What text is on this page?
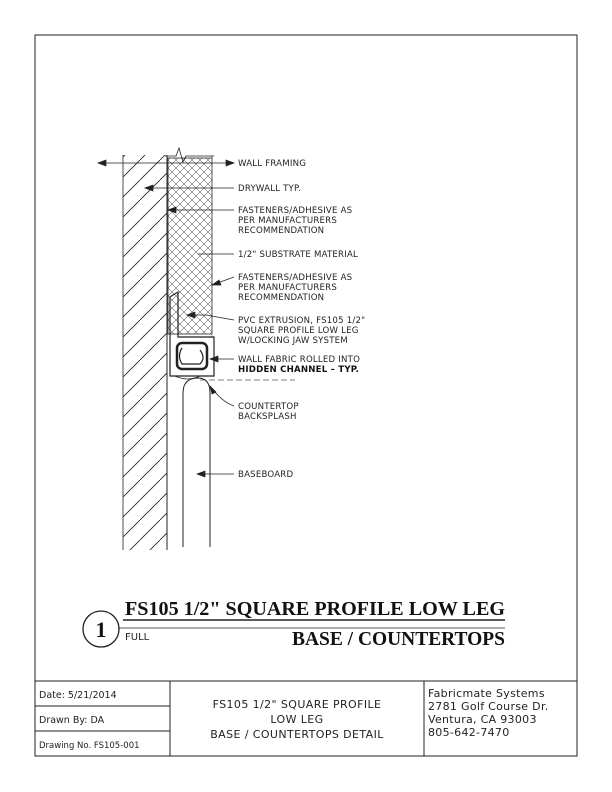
WALL FRAMING
DRYWALL TYP.
FASTENERS/ADHESIVE AS
PER MANUFACTURERS
RECOMMENDATION
1/2" SUBSTRATE MATERIAL
FASTENERS/ADHESIVE AS
PER MANUFACTURERS
RECOMMENDATION
PVC EXTRUSION, FS105 1/2"
SQUARE PROFILE LOW LEG
W/LOCKING JAW SYSTEM
WALL FABRIC ROLLED INTO
HIDDEN CHANNEL – TYP.
COUNTERTOP
BACKSPLASH
BASEBOARD
1
FS105 1/2" SQUARE PROFILE LOW LEG
FULL	BASE / COUNTERTOPS
Date: 5/21/2014
Drawn By: DA
Drawing No. FS105-001
FS105 1/2" SQUARE PROFILE
LOW LEG
BASE / COUNTERTOPS DETAIL
Fabricmate Systems
2781 Golf Course Dr.
Ventura, CA 93003
805-642-7470
